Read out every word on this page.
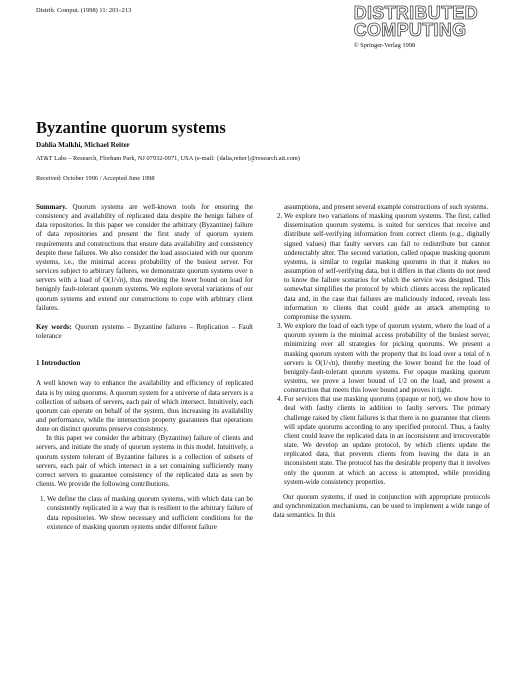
Distrib. Comput. (1998) 11: 203–213	DISTRIBUTED
COMPUTING
© Springer-Verlag 1998
Byzantine quorum systems
Dahlia Malkhi, Michael Reiter
AT&T Labs – Research, Florham Park, NJ 07932-0971, USA (e-mail: {dalia,reiter}@research.att.com)
Received: October 1996 / Accepted June 1998

Summary. Quorum systems are well-known tools for ensuring the consistency and availability of replicated data despite the benign failure of data repositories. In this paper we consider the arbitrary (Byzantine) failure of data repositories and present the first study of quorum system requirements and constructions that ensure data availability and consistency despite these failures. We also consider the load associated with our quorum systems, i.e., the minimal access probability of the busiest server. For services subject to arbitrary failures, we demonstrate quorum systems over n servers with a load of O(1/√n), thus meeting the lower bound on load for benignly fault-tolerant quorum systems. We explore several variations of our quorum systems and extend our constructions to cope with arbitrary client failures.

Key words: Quorum systems – Byzantine failures – Replication – Fault tolerance

1 Introduction

A well known way to enhance the availability and efficiency of replicated data is by using quorums. A quorum system for a universe of data servers is a collection of subsets of servers, each pair of which intersect. Intuitively, each quorum can operate on behalf of the system, thus increasing its availability and performance, while the intersection property guarantees that operations done on distinct quorums preserve consistency.

In this paper we consider the arbitrary (Byzantine) failure of clients and servers, and initiate the study of quorum systems in this model. Intuitively, a quorum system tolerant of Byzantine failures is a collection of subsets of servers, each pair of which intersect in a set containing sufficiently many correct servers to guarantee consistency of the replicated data as seen by clients. We provide the following contributions.

1. We define the class of masking quorum systems, with which data can be consistently replicated in a way that is resilient to the arbitrary failure of data repositories. We show necessary and sufficient conditions for the existence of masking quorum systems under different failure

assumptions, and present several example constructions of such systems.

2. We explore two variations of masking quorum systems. The first, called dissemination quorum systems, is suited for services that receive and distribute self-verifying information from correct clients (e.g., digitally signed values) that faulty servers can fail to redistribute but cannot undetectably alter. The second variation, called opaque masking quorum systems, is similar to regular masking quorums in that it makes no assumption of self-verifying data, but it differs in that clients do not need to know the failure scenarios for which the service was designed. This somewhat simplifies the protocol by which clients access the replicated data and, in the case that failures are maliciously induced, reveals less information to clients that could guide an attack attempting to compromise the system.
3. We explore the load of each type of quorum system, where the load of a quorum system is the minimal access probability of the busiest server, minimizing over all strategies for picking quorums. We present a masking quorum system with the property that its load over a total of n servers is O(1/√n), thereby meeting the lower bound for the load of benignly-fault-tolerant quorum systems. For opaque masking quorum systems, we prove a lower bound of 1/2 on the load, and present a construction that meets this lower bound and proves it tight.
4. For services that use masking quorums (opaque or not), we show how to deal with faulty clients in addition to faulty servers. The primary challenge raised by client failures is that there is no guarantee that clients will update quorums according to any specified protocol. Thus, a faulty client could leave the replicated data in an inconsistent and irrecoverable state. We develop an update protocol, by which clients update the replicated data, that prevents clients from leaving the data in an inconsistent state. The protocol has the desirable property that it involves only the quorum at which an access is attempted, while providing system-wide consistency properties.

Our quorum systems, if used in conjunction with appropriate protocols and synchronization mechanisms, can be used to implement a wide range of data semantics. In this
